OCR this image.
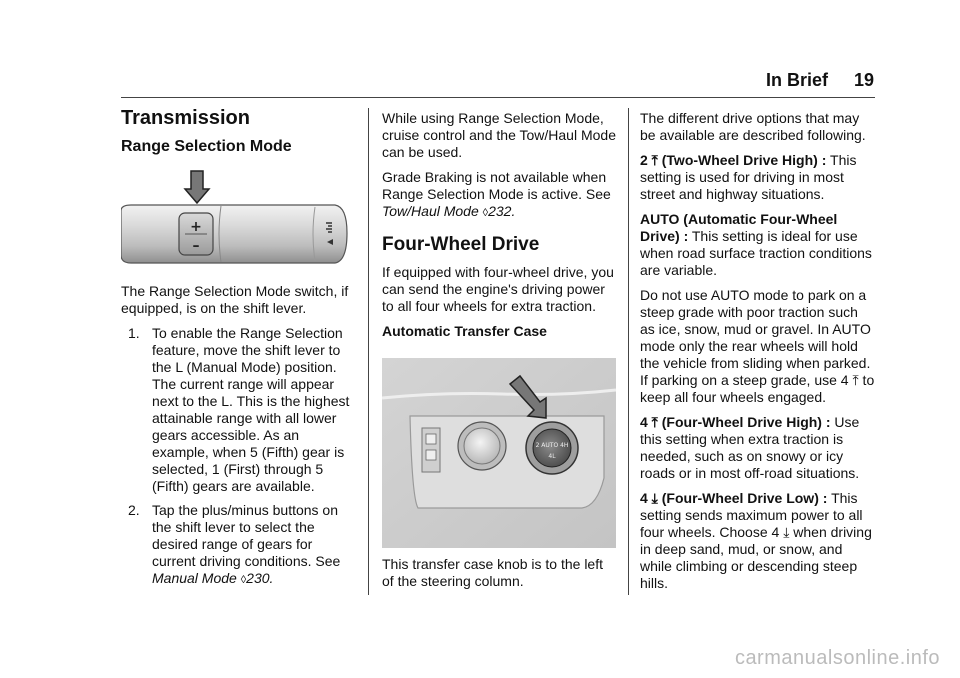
In Brief 19
Transmission
Range Selection Mode
+
–

The Range Selection Mode switch, if equipped, is on the shift lever.

1. To enable the Range Selection feature, move the shift lever to the L (Manual Mode) position. The current range will appear next to the L. This is the highest attainable range with all lower gears accessible. As an example, when 5 (Fifth) gear is selected, 1 (First) through 5 (Fifth) gears are available.
2. Tap the plus/minus buttons on the shift lever to select the desired range of gears for current driving conditions. See Manual Mode ◊230.

While using Range Selection Mode, cruise control and the Tow/Haul Mode can be used.

Grade Braking is not available when Range Selection Mode is active. See Tow/Haul Mode ◊232.

Four-Wheel Drive

If equipped with four-wheel drive, you can send the engine's driving power to all four wheels for extra traction.

Automatic Transfer Case

2 AUTO 4H
4L

This transfer case knob is to the left of the steering column.

The different drive options that may be available are described following.

2 ⤒ (Two-Wheel Drive High) : This setting is used for driving in most street and highway situations.

AUTO (Automatic Four-Wheel Drive) : This setting is ideal for use when road surface traction conditions are variable.

Do not use AUTO mode to park on a steep grade with poor traction such as ice, snow, mud or gravel. In AUTO mode only the rear wheels will hold the vehicle from sliding when parked. If parking on a steep grade, use 4 ⤒ to keep all four wheels engaged.

4 ⤒ (Four-Wheel Drive High) : Use this setting when extra traction is needed, such as on snowy or icy roads or in most off-road situations.

4 ⤓ (Four-Wheel Drive Low) : This setting sends maximum power to all four wheels. Choose 4 ⤓ when driving in deep sand, mud, or snow, and while climbing or descending steep hills.

carmanualsonline.info
